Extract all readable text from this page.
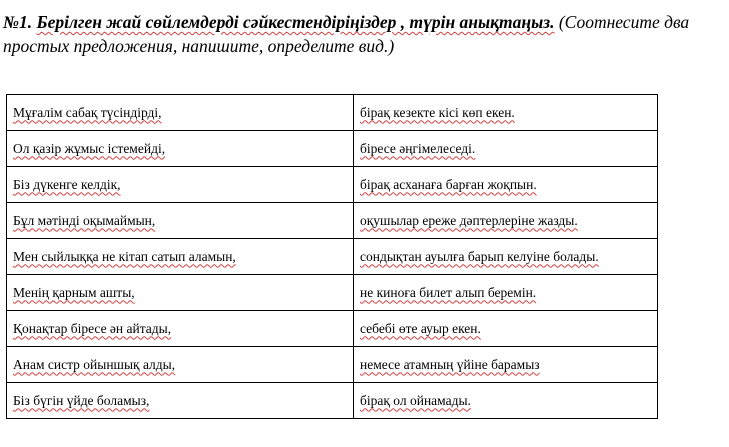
№1. Берілген жай сөйлемдерді сәйкестендіріңіздер , түрін анықтаңыз. (Соотнесите два простых предложения, напишите, определите вид.)
Мұғалім сабақ түсіндірді,	бірақ кезекте кісі көп екен.
Ол қазір жұмыс істемейді,	біресе әңгімелеседі.
Біз дүкенге келдік,	бірақ асханаға барған жоқпын.
Бұл мәтінді оқымаймын,	оқушылар ереже дәптерлеріне жазды.
Мен сыйлыққа не кітап сатып аламын,	сондықтан ауылға барып келуіне болады.
Менің қарным ашты,	не киноға билет алып беремін.
Қонақтар біресе ән айтады,	себебі өте ауыр екен.
Анам систр ойыншық алды,	немесе атамның үйіне барамыз
Біз бүгін үйде боламыз,	бірақ ол ойнамады.
